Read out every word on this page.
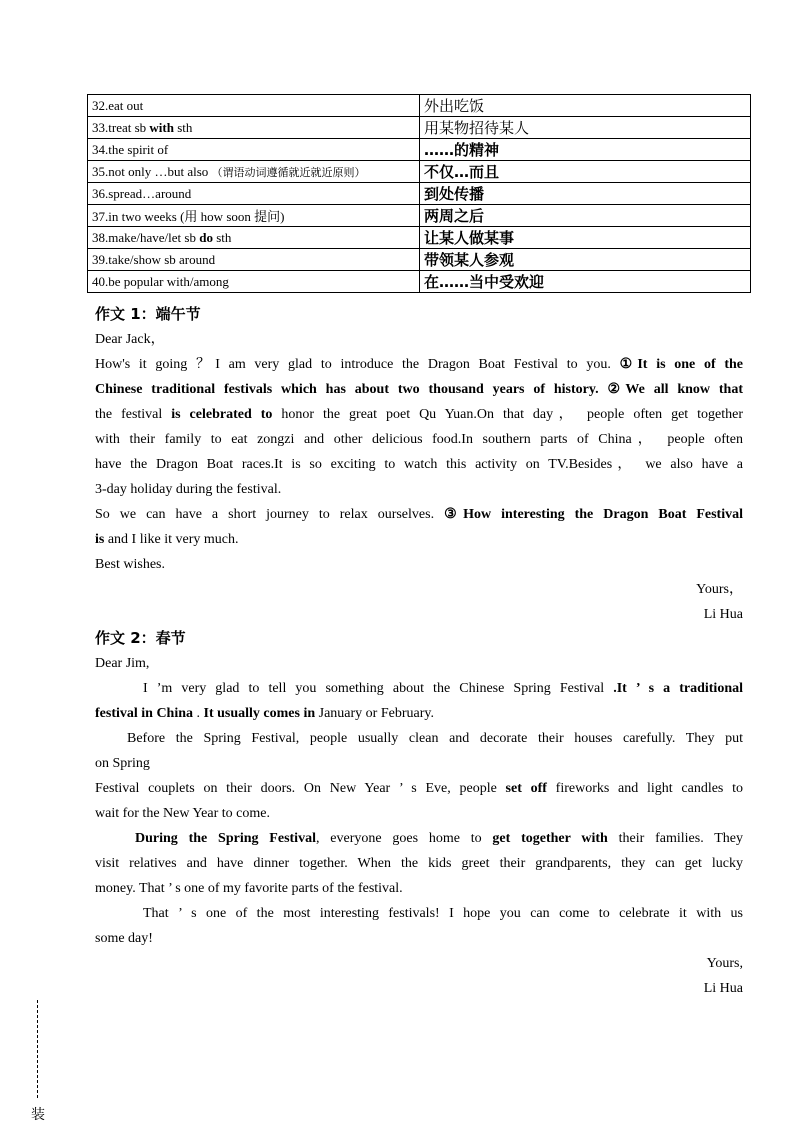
32.eat out	外出吃饭
33.treat sb with sth	用某物招待某人
34.the spirit of	……的精神
35.not only …but also （谓语动词遵循就近就近原则）	不仅…而且
36.spread…around	到处传播
37.in two weeks (用 how soon 提问)	两周之后
38.make/have/let sb do sth	让某人做某事
39.take/show sb around	带领某人参观
40.be popular with/among	在……当中受欢迎
作文 1：端午节
Dear Jack，
How's it going ？I am very glad to introduce the Dragon Boat Festival to you. ①It is one of the
Chinese traditional festivals which has about two thousand years of history. ②We all know that
the festival is celebrated to honor the great poet Qu Yuan.On that day， people often get together
with their family to eat zongzi and other delicious food.In southern parts of China， people often
have the Dragon Boat races.It is so exciting to watch this activity on TV.Besides， we also have a
3-day holiday during the festival.
So we can have a short journey to relax ourselves. ③How interesting the Dragon Boat Festival
is and I like it very much.
Best wishes.
Yours，
Li Hua
作文 2：春节
Dear Jim,
I ’m very glad to tell you something about the Chinese Spring Festival .It ’ s a traditional
festival in China . It usually comes in January or February.
Before the Spring Festival, people usually clean and decorate their houses carefully. They put
on Spring
Festival couplets on their doors. On New Year ’ s Eve, people set off fireworks and light candles to
wait for the New Year to come.
During the Spring Festival, everyone goes home to get together with their families. They
visit relatives and have dinner together. When the kids greet their grandparents, they can get lucky
money. That ’ s one of my favorite parts of the festival.
That ’ s one of the most interesting festivals! I hope you can come to celebrate it with us
some day!
Yours,
Li Hua
装
